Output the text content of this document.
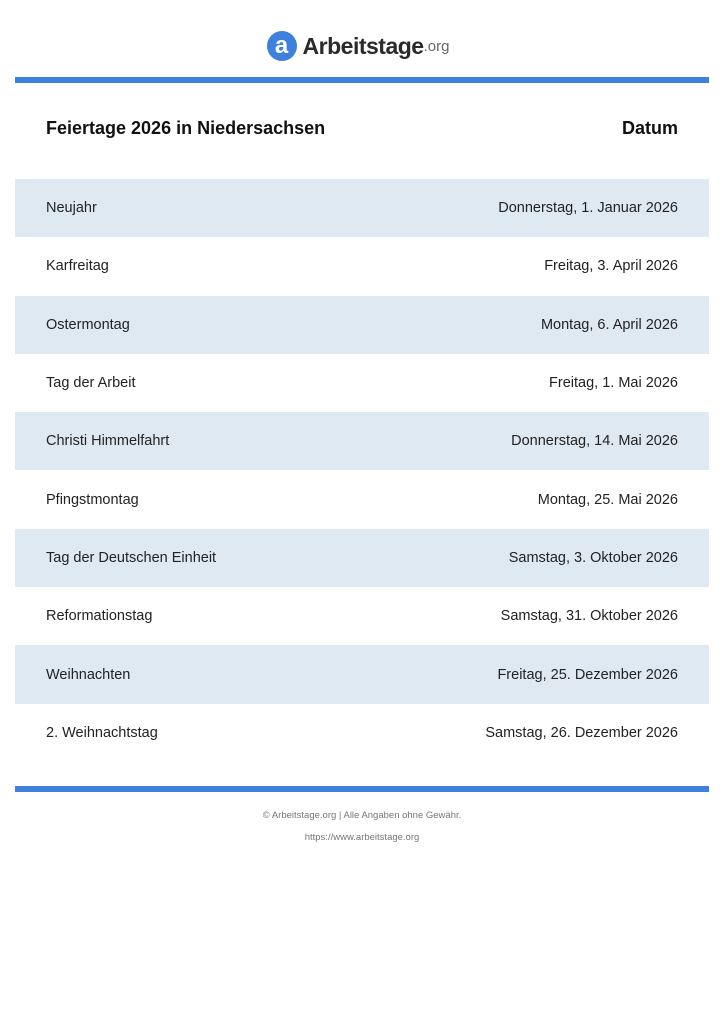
a Arbeitstage .org
Feiertage 2026 in Niedersachsen	Datum
Neujahr	Donnerstag, 1. Januar 2026
Karfreitag	Freitag, 3. April 2026
Ostermontag	Montag, 6. April 2026
Tag der Arbeit	Freitag, 1. Mai 2026
Christi Himmelfahrt	Donnerstag, 14. Mai 2026
Pfingstmontag	Montag, 25. Mai 2026
Tag der Deutschen Einheit	Samstag, 3. Oktober 2026
Reformationstag	Samstag, 31. Oktober 2026
Weihnachten	Freitag, 25. Dezember 2026
2. Weihnachtstag	Samstag, 26. Dezember 2026
© Arbeitstage.org | Alle Angaben ohne Gewähr.
https://www.arbeitstage.org
